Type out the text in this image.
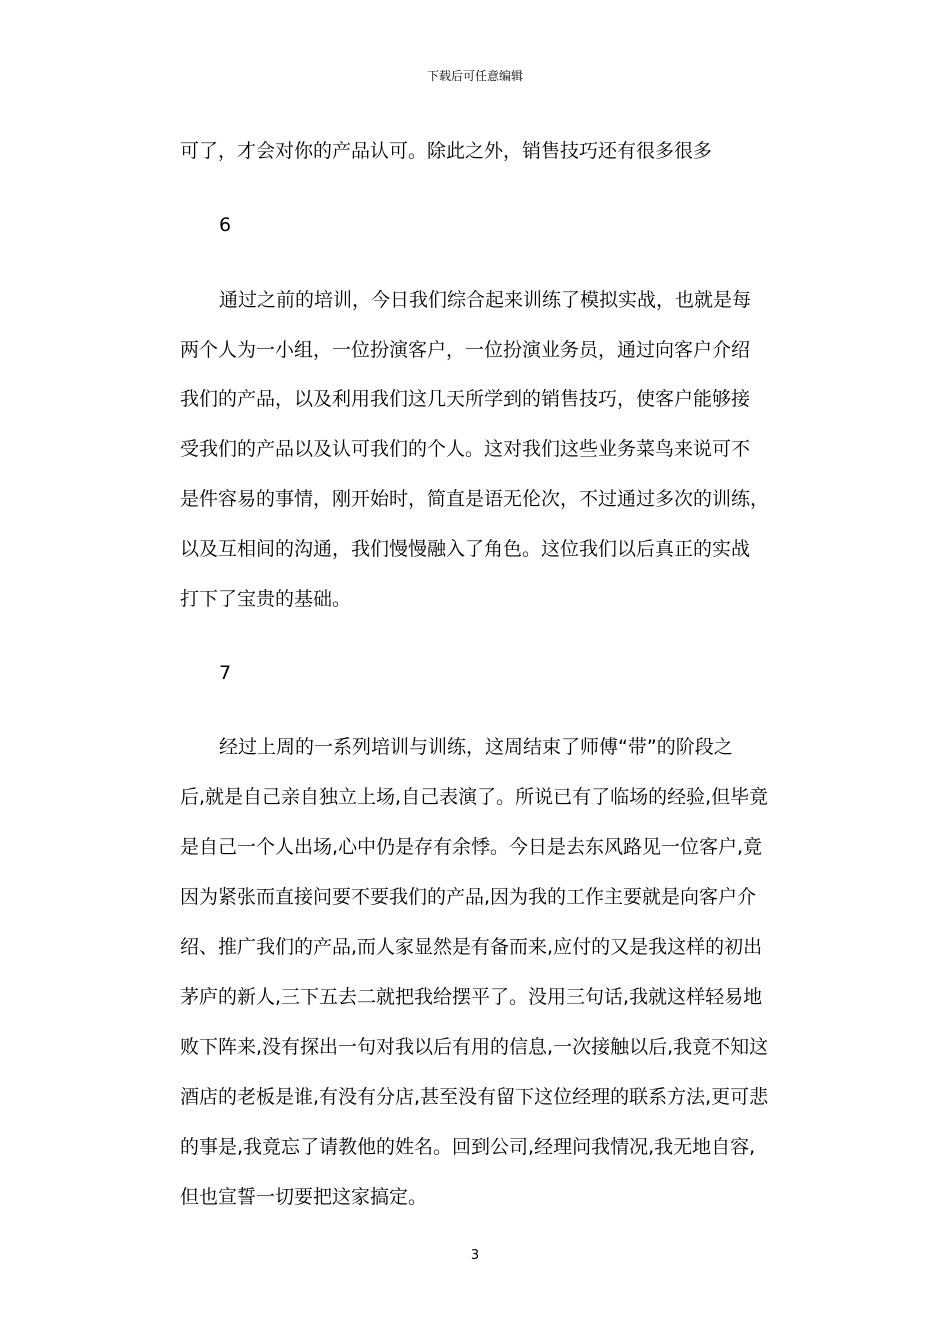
下载后可任意编辑
可了，才会对你的产品认可。除此之外，销售技巧还有很多很多
6
通过之前的培训，今日我们综合起来训练了模拟实战，也就是每
两个人为一小组，一位扮演客户，一位扮演业务员，通过向客户介绍
我们的产品，以及利用我们这几天所学到的销售技巧，使客户能够接
受我们的产品以及认可我们的个人。这对我们这些业务菜鸟来说可不
是件容易的事情，刚开始时，简直是语无伦次，不过通过多次的训练，
以及互相间的沟通，我们慢慢融入了角色。这位我们以后真正的实战
打下了宝贵的基础。
7
经过上周的一系列培训与训练，这周结束了师傅“带”的阶段之
后,就是自己亲自独立上场,自己表演了。所说已有了临场的经验,但毕竟
是自己一个人出场,心中仍是存有余悸。今日是去东风路见一位客户,竟
因为紧张而直接问要不要我们的产品,因为我的工作主要就是向客户介
绍、推广我们的产品,而人家显然是有备而来,应付的又是我这样的初出
茅庐的新人,三下五去二就把我给摆平了。没用三句话,我就这样轻易地
败下阵来,没有探出一句对我以后有用的信息,一次接触以后,我竟不知这
酒店的老板是谁,有没有分店,甚至没有留下这位经理的联系方法,更可悲
的事是,我竟忘了请教他的姓名。回到公司,经理问我情况,我无地自容,
但也宣誓一切要把这家搞定。
3
